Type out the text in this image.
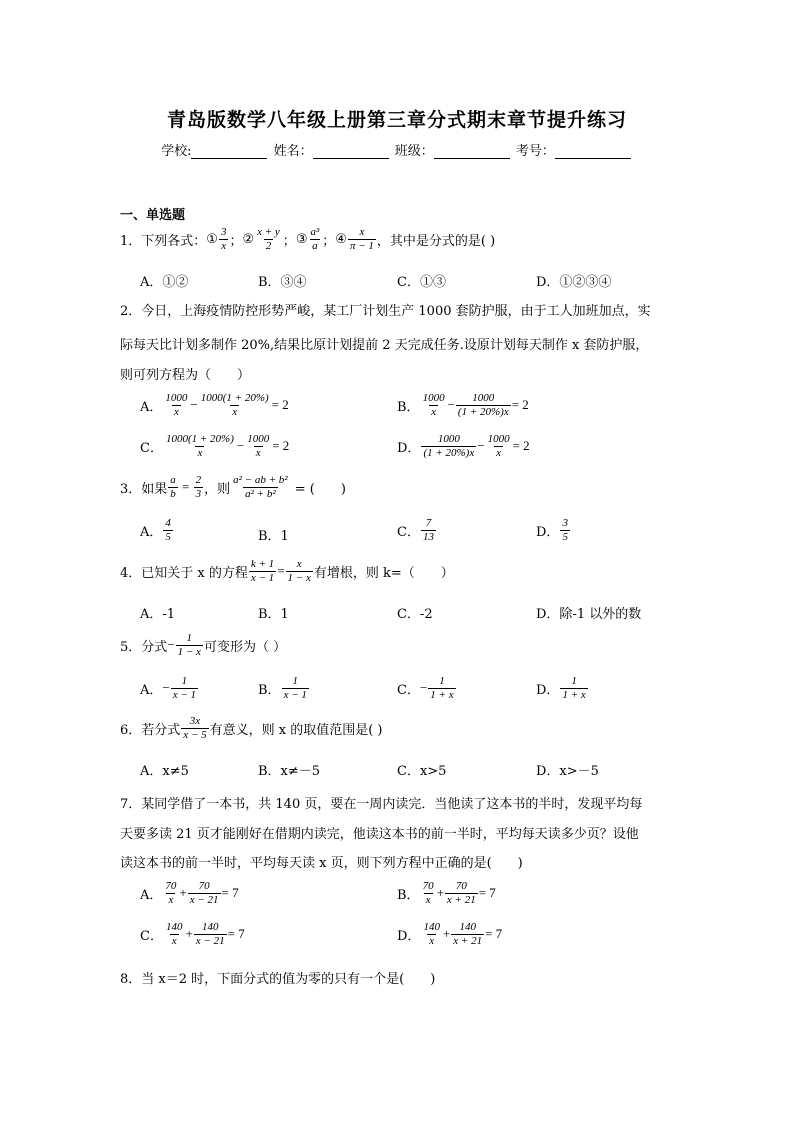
青岛版数学八年级上册第三章分式期末章节提升练习
学校:	姓名：	班级：	考号：
一、单选题
1．下列各式： ① $\frac{3}{x}$ ； ② $\frac{x + y}{2}$ ； ③ $\frac{\text{a³}}{a}$ ； ④ $\frac{x}{\pi - 1}$ ，其中是分式的是( )
A．①②	B．③④	C．①③	D．①②③④
2．今日，上海疫情防控形势严峻，某工厂计划生产 1000 套防护服，由于工人加班加点，实
际每天比计划多制作 20%,结果比原计划提前 2 天完成任务.设原计划每天制作 x 套防护服，
则可列方程为（　　）
A． $\frac{1000}{x} - \frac{1000(1 + 20\%)}{x} = 2$	B． $\frac{1000}{x} - \frac{1000}{(1 + 20\%)x} = 2$
C． $\frac{1000(1 + 20\%)}{x} - \frac{1000}{x} = 2$	D． $\frac{1000}{(1 + 20\%)x} - \frac{1000}{x} = 2$
3．如果 $\frac{a}{b} = \frac{2}{3}$ ，则 $\frac{\text{a² − ab + b²}}{\text{a² + b²}}$ = (　　)
A． $\frac{4}{5}$	B．1	C． $\frac{7}{13}$	D． $\frac{3}{5}$
4．已知关于 x 的方程 $\frac{k + 1}{x - 1} = \frac{x}{1 - x}$ 有增根，则 k=（　　）
A．-1	B．1	C．-2	D．除-1 以外的数
5．分式 − $\frac{1}{1 - x}$ 可变形为（ ）
A． − $\frac{1}{x - 1}$	B． $\frac{1}{x - 1}$	C． − $\frac{1}{1 + x}$	D． $\frac{1}{1 + x}$
6．若分式 $\frac{3x}{x - 5}$ 有意义，则 x 的取值范围是( )
A．x≠5	B．x≠－5	C．x>5	D．x>－5
7．某同学借了一本书，共 140 页，要在一周内读完．当他读了这本书的半时，发现平均每
天要多读 21 页才能刚好在借期内读完，他读这本书的前一半时，平均每天读多少页？设他
读这本书的前一半时，平均每天读 x 页，则下列方程中正确的是(　　)
A． $\frac{70}{x} + \frac{70}{x - 21} = 7$	B． $\frac{70}{x} + \frac{70}{x + 21} = 7$
C． $\frac{140}{x} + \frac{140}{x - 21} = 7$	D． $\frac{140}{x} + \frac{140}{x + 21} = 7$
8．当 x＝2 时，下面分式的值为零的只有一个是(　　)
